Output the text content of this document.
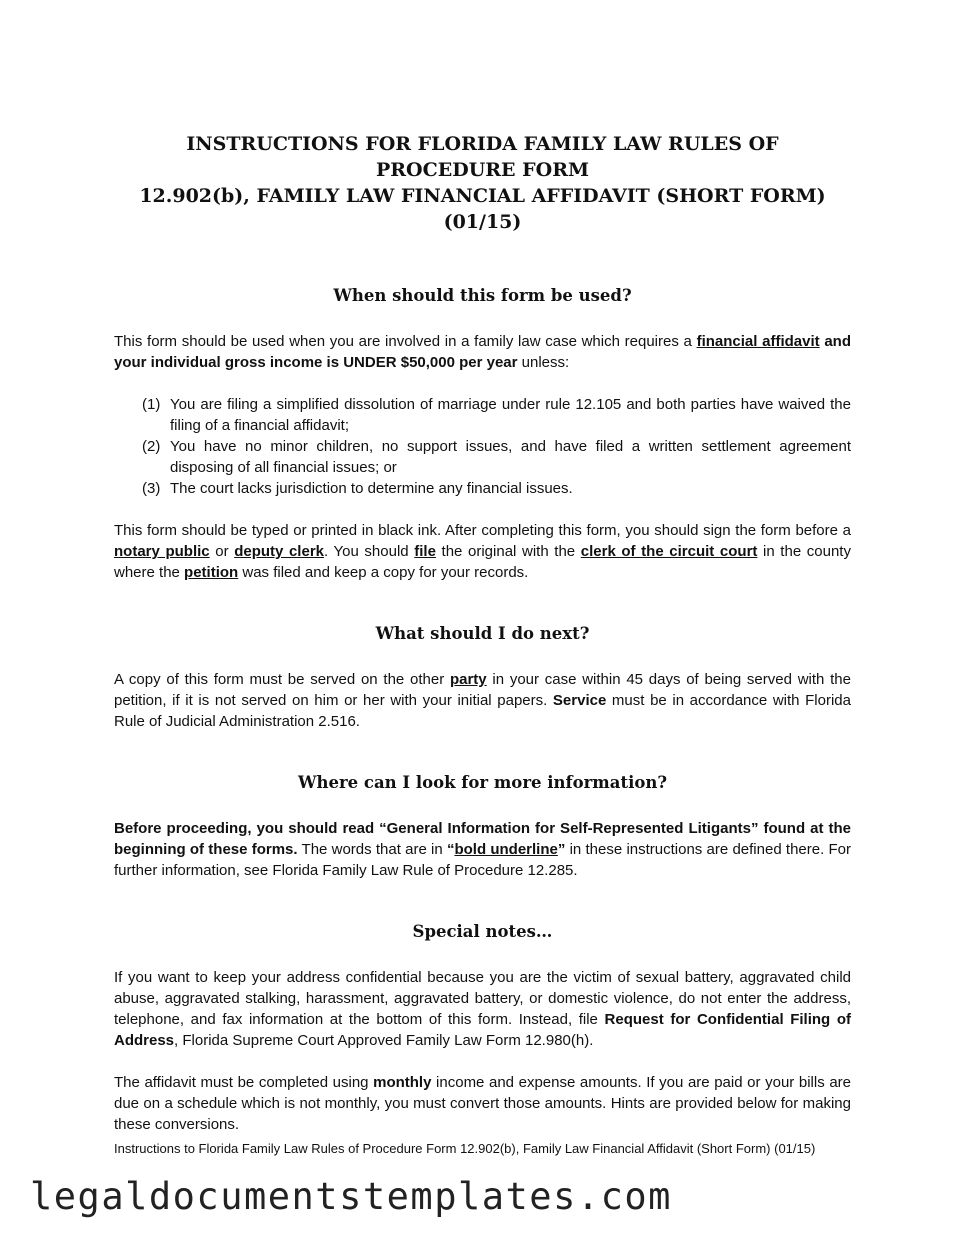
INSTRUCTIONS FOR FLORIDA FAMILY LAW RULES OF PROCEDURE FORM
12.902(b), FAMILY LAW FINANCIAL AFFIDAVIT (SHORT FORM) (01/15)
When should this form be used?

This form should be used when you are involved in a family law case which requires a financial affidavit and your individual gross income is UNDER $50,000 per year unless:

(1) You are filing a simplified dissolution of marriage under rule 12.105 and both parties have waived the filing of a financial affidavit;
(2) You have no minor children, no support issues, and have filed a written settlement agreement disposing of all financial issues; or
(3) The court lacks jurisdiction to determine any financial issues.

This form should be typed or printed in black ink. After completing this form, you should sign the form before a notary public or deputy clerk. You should file the original with the clerk of the circuit court in the county where the petition was filed and keep a copy for your records.

What should I do next?

A copy of this form must be served on the other party in your case within 45 days of being served with the petition, if it is not served on him or her with your initial papers. Service must be in accordance with Florida Rule of Judicial Administration 2.516.

Where can I look for more information?

Before proceeding, you should read “General Information for Self-Represented Litigants” found at the beginning of these forms. The words that are in “bold underline” in these instructions are defined there. For further information, see Florida Family Law Rule of Procedure 12.285.

Special notes…

If you want to keep your address confidential because you are the victim of sexual battery, aggravated child abuse, aggravated stalking, harassment, aggravated battery, or domestic violence, do not enter the address, telephone, and fax information at the bottom of this form. Instead, file Request for Confidential Filing of Address, Florida Supreme Court Approved Family Law Form 12.980(h).

The affidavit must be completed using monthly income and expense amounts. If you are paid or your bills are due on a schedule which is not monthly, you must convert those amounts. Hints are provided below for making these conversions.

Instructions to Florida Family Law Rules of Procedure Form 12.902(b), Family Law Financial Affidavit (Short Form) (01/15)

legaldocumentstemplates.com
